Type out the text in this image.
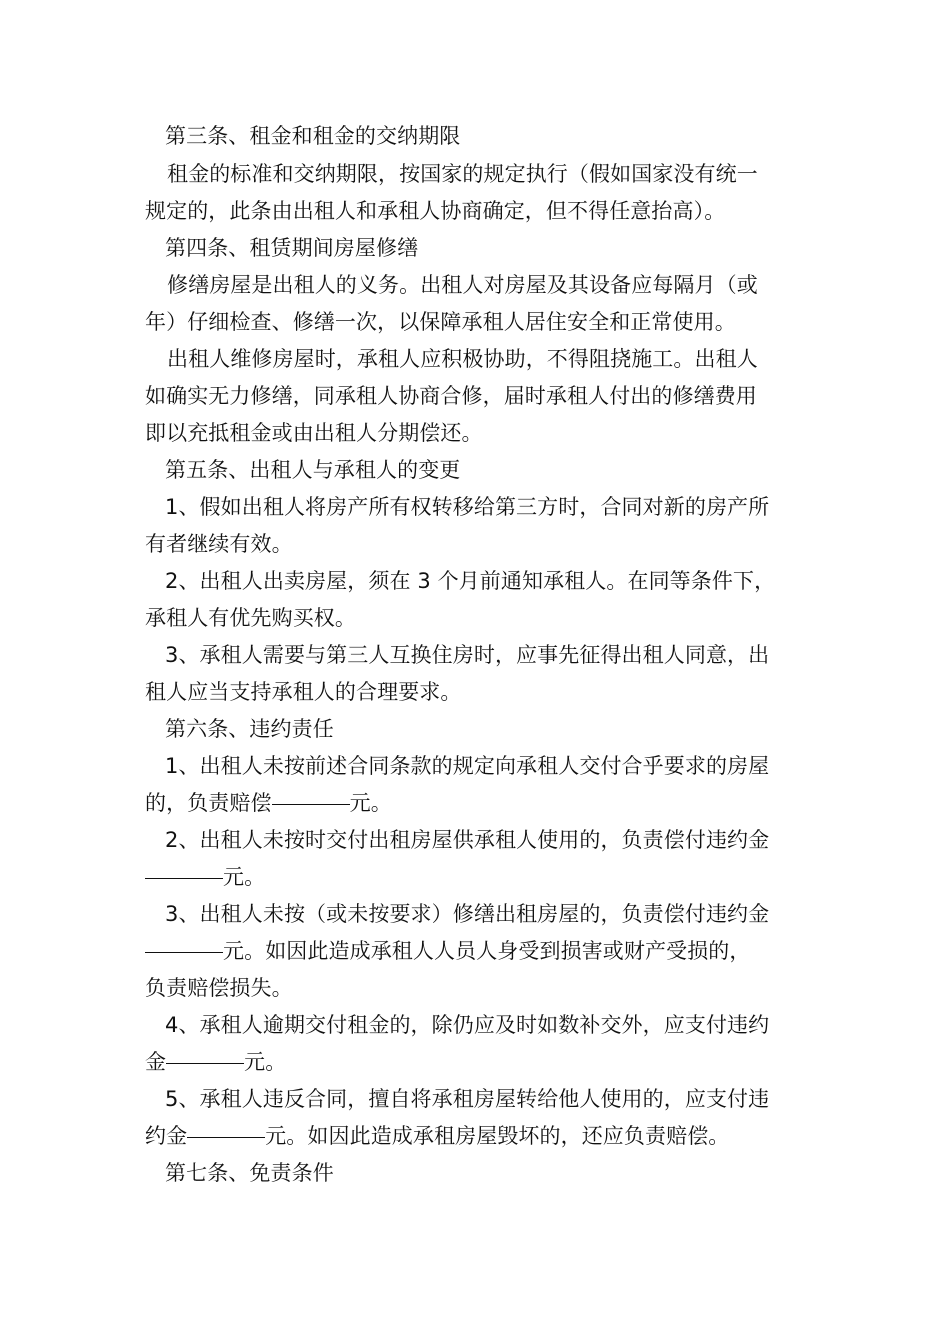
第三条、租金和租金的交纳期限
租金的标准和交纳期限，按国家的规定执行（假如国家没有统一
规定的，此条由出租人和承租人协商确定，但不得任意抬高）。
第四条、租赁期间房屋修缮
修缮房屋是出租人的义务。出租人对房屋及其设备应每隔月（或
年）仔细检查、修缮一次，以保障承租人居住安全和正常使用。
出租人维修房屋时，承租人应积极协助，不得阻挠施工。出租人
如确实无力修缮，同承租人协商合修，届时承租人付出的修缮费用
即以充抵租金或由出租人分期偿还。
第五条、出租人与承租人的变更
1、假如出租人将房产所有权转移给第三方时，合同对新的房产所
有者继续有效。
2、出租人出卖房屋，须在 3 个月前通知承租人。在同等条件下，
承租人有优先购买权。
3、承租人需要与第三人互换住房时，应事先征得出租人同意，出
租人应当支持承租人的合理要求。
第六条、违约责任
1、出租人未按前述合同条款的规定向承租人交付合乎要求的房屋
的，负责赔偿	元。
2、出租人未按时交付出租房屋供承租人使用的，负责偿付违约金
元。
3、出租人未按（或未按要求）修缮出租房屋的，负责偿付违约金
元。如因此造成承租人人员人身受到损害或财产受损的，
负责赔偿损失。
4、承租人逾期交付租金的，除仍应及时如数补交外，应支付违约
金	元。
5、承租人违反合同，擅自将承租房屋转给他人使用的，应支付违
约金	元。如因此造成承租房屋毁坏的，还应负责赔偿。
第七条、免责条件
